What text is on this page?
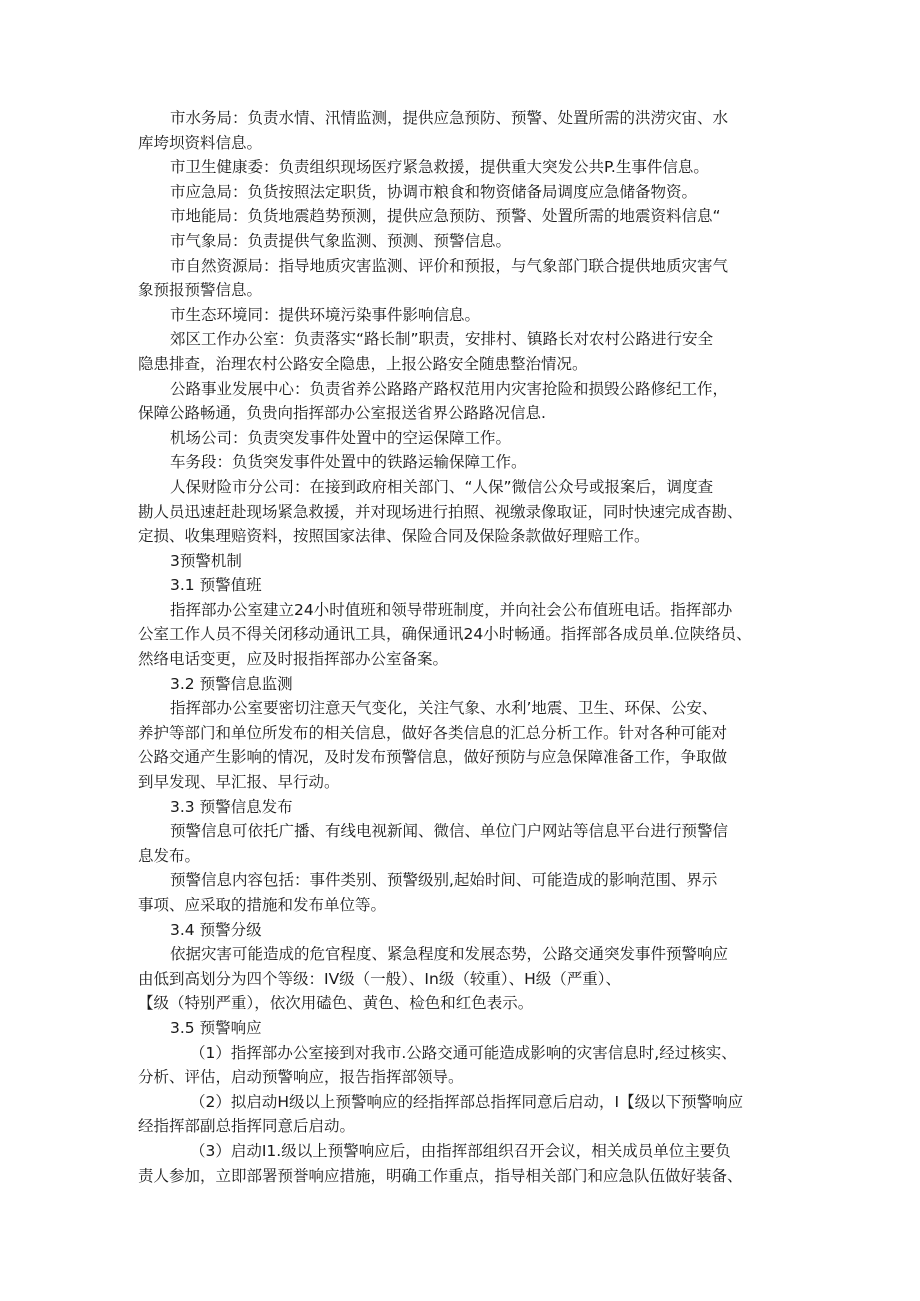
市水务局：负责水情、汛情监测，提供应急预防、预警、处置所需的洪涝灾宙、水
库垮坝资料信息。
市卫生健康委：负责组织现场医疗紧急救援，提供重大突发公共P.生事件信息。
市应急局：负货按照法定职货，协调市粮食和物资储备局调度应急储备物资。
市地能局：负货地震趋势预测，提供应急预防、预警、处置所需的地震资料信息“
市气象局：负责提供气象监测、预测、预警信息。
市自然资源局：指导地质灾害监测、评价和预报，与气象部门联合提供地质灾害气
象预报预警信息。
市生态环境同：提供环境污染事件影响信息。
郊区工作办公室：负责落实“路长制”职责，安排村、镇路长对农村公路进行安全
隐患排查，治理农村公路安全隐患，上报公路安全随患整治情况。
公路事业发展中心：负责省养公路路产路权范用内灾害抢险和损毁公路修纪工作，
保障公路畅通，负贵向指挥部办公室报送省界公路路况信息.
机场公司：负责突发事件处置中的空运保障工作。
车务段：负货突发事件处置中的铁路运输保障工作。
人保财险市分公司：在接到政府相关部门、“人保”微信公众号或报案后，调度查
勘人员迅速赶赴现场紧急救援，并对现场进行拍照、视缴录像取证，同时快速完成杳勘、
定损、收集理赔资料，按照国家法律、保险合同及保险条款做好理赔工作。
3预警机制
3.1 预警值班
指挥部办公室建立24小时值班和领导带班制度，并向社会公布值班电话。指挥部办
公室工作人员不得关闭移动通讯工具，确保通讯24小时畅通。指挥部各成员单.位陕络员、
然络电话变更，应及时报指挥部办公室备案。
3.2 预警信息监测
指挥部办公室要密切注意天气变化，关注气象、水利’地震、卫生、环保、公安、
养护等部门和单位所发布的相关信息，做好各类信息的汇总分析工作。针对各种可能对
公路交通产生影响的情况，及时发布预警信息，做好预防与应急保障准备工作，争取做
到早发现、早汇报、早行动。
3.3 预警信息发布
预警信息可依托广播、有线电视新闻、微信、单位门户网站等信息平台进行预警信
息发布。
预警信息内容包括：事件类别、预警级别,起始时间、可能造成的影响范围、界示
事项、应采取的措施和发布单位等。
3.4 预警分级
依据灾害可能造成的危官程度、紧急程度和发展态势，公路交通突发事件预警响应
由低到高划分为四个等级：IV级（一般）、In级（较重）、H级（严重）、
【级（特别严重），依次用磕色、黄色、检色和红色表示。
3.5 预警响应
（1）指挥部办公室接到对我市.公路交通可能造成影响的灾害信息时,经过核实、
分析、评估，启动预警响应，报告指挥部领导。
（2）拟启动H级以上预警响应的经指挥部总指挥同意后启动，I【级以下预警响应
经指挥部副总指挥同意后启动。
（3）启动I1.级以上预警响应后，由指挥部组织召开会议，相关成员单位主要负
责人参加，立即部署预誉响应措施，明确工作重点，指导相关部门和应急队伍做好装备、
